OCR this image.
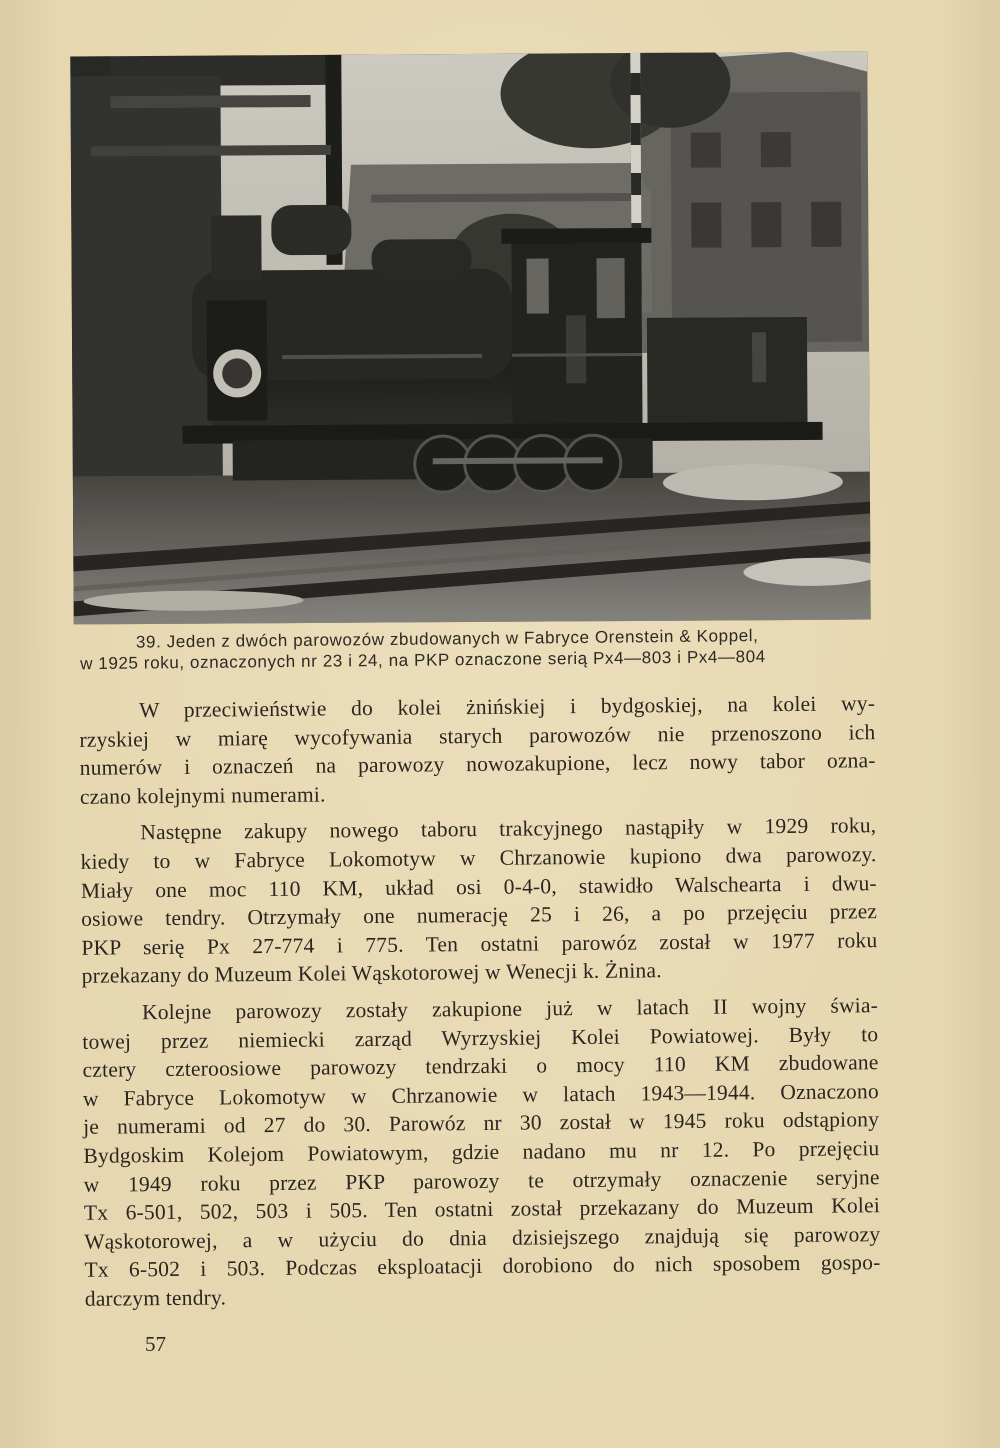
39. Jeden z dwóch parowozów zbudowanych w Fabryce Orenstein & Koppel,
w 1925 roku, oznaczonych nr 23 i 24, na PKP oznaczone serią Px4—803 i Px4—804
W przeciwieństwie do kolei żnińskiej i bydgoskiej, na kolei wy-
rzyskiej w miarę wycofywania starych parowozów nie przenoszono ich
numerów i oznaczeń na parowozy nowozakupione, lecz nowy tabor ozna-
czano kolejnymi numerami.
Następne zakupy nowego taboru trakcyjnego nastąpiły w 1929 roku,
kiedy to w Fabryce Lokomotyw w Chrzanowie kupiono dwa parowozy.
Miały one moc 110 KM, układ osi 0-4-0, stawidło Walschearta i dwu-
osiowe tendry. Otrzymały one numerację 25 i 26, a po przejęciu przez
PKP serię Px 27-774 i 775. Ten ostatni parowóz został w 1977 roku
przekazany do Muzeum Kolei Wąskotorowej w Wenecji k. Żnina.
Kolejne parowozy zostały zakupione już w latach II wojny świa-
towej przez niemiecki zarząd Wyrzyskiej Kolei Powiatowej. Były to
cztery czteroosiowe parowozy tendrzaki o mocy 110 KM zbudowane
w Fabryce Lokomotyw w Chrzanowie w latach 1943—1944. Oznaczono
je numerami od 27 do 30. Parowóz nr 30 został w 1945 roku odstąpiony
Bydgoskim Kolejom Powiatowym, gdzie nadano mu nr 12. Po przejęciu
w 1949 roku przez PKP parowozy te otrzymały oznaczenie seryjne
Tx 6-501, 502, 503 i 505. Ten ostatni został przekazany do Muzeum Kolei
Wąskotorowej, a w użyciu do dnia dzisiejszego znajdują się parowozy
Tx 6-502 i 503. Podczas eksploatacji dorobiono do nich sposobem gospo-
darczym tendry.
57
